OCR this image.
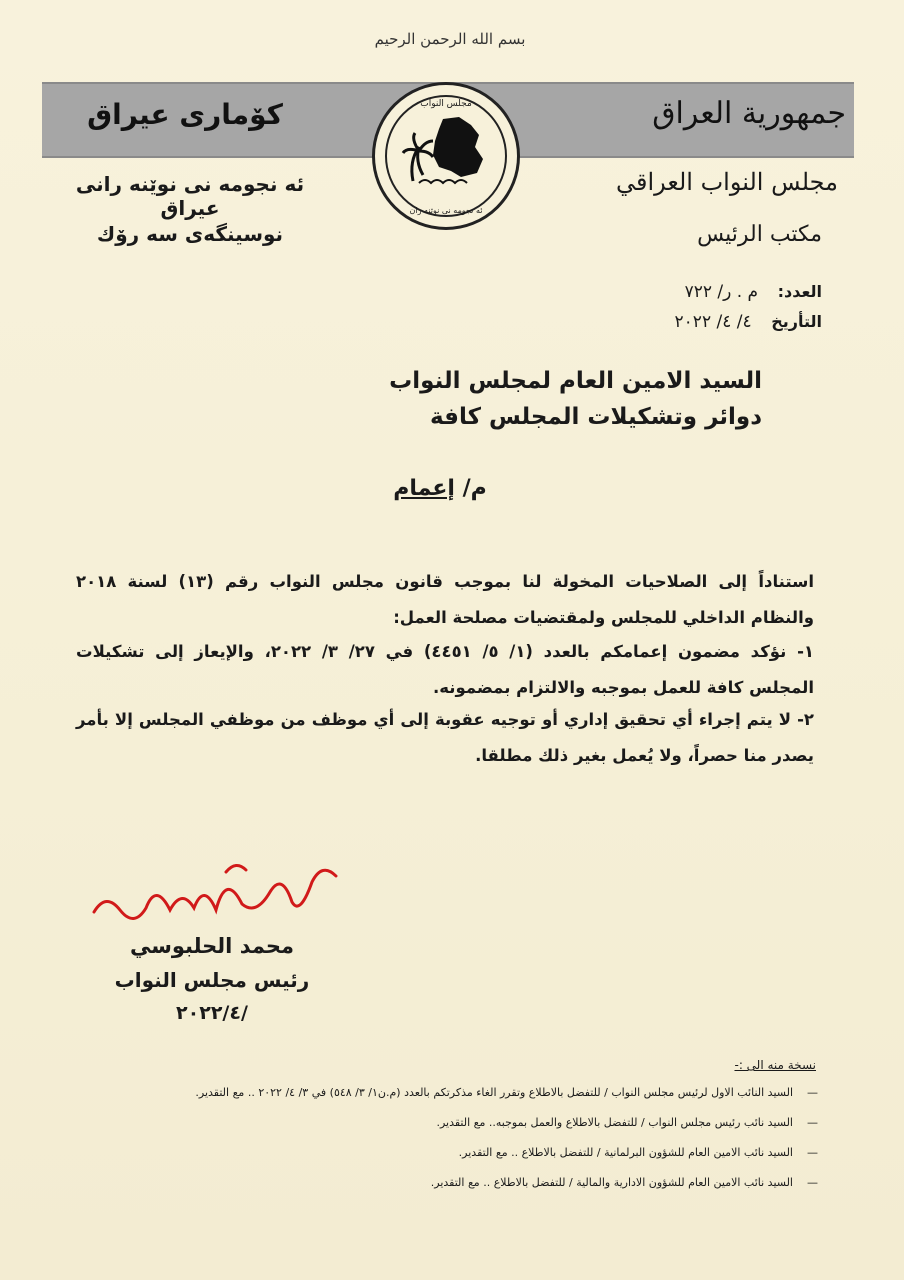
بسم الله الرحمن الرحيم
كۆمارى عيراق	جمهورية العراق
مجلس النواب
ئه نجومه نى نوێنه ران
ئه نجومه نى نوێنه رانى عيراق
نوسينگه‌ى سه رۆك
مجلس النواب العراقي
مكتب الرئيس
العدد: م . ر/ ٧٢٢
التأريخ ٤/ ٤/ ٢٠٢٢
السيد الامين العام لمجلس النواب
دوائر وتشكيلات المجلس كافة
م/ إعمام
استناداً إلى الصلاحيات المخولة لنا بموجب قانون مجلس النواب رقم (١٣) لسنة ٢٠١٨ والنظام الداخلي للمجلس ولمقتضيات مصلحة العمل:
١- نؤكد مضمون إعمامكم بالعدد (١/ ٥/ ٤٤٥١) في ٢٧/ ٣/ ٢٠٢٢، والإيعاز إلى تشكيلات المجلس كافة للعمل بموجبه والالتزام بمضمونه.
٢- لا يتم إجراء أي تحقيق إداري أو توجيه عقوبة إلى أي موظف من موظفي المجلس إلا بأمر يصدر منا حصراً، ولا يُعمل بغير ذلك مطلقا.
محمد الحلبوسي
رئيس مجلس النواب
٢٠٢٢/٤/
نسخة منه الى :-
—السيد النائب الاول لرئيس مجلس النواب / للتفضل بالاطلاع وتقرر الغاء مذكرتكم بالعدد (م.ن١/ ٣/ ٥٤٨) في ٣/ ٤/ ٢٠٢٢ .. مع التقدير.
—السيد نائب رئيس مجلس النواب / للتفضل بالاطلاع والعمل بموجبه.. مع التقدير.
—السيد نائب الامين العام للشؤون البرلمانية / للتفضل بالاطلاع .. مع التقدير.
—السيد نائب الامين العام للشؤون الادارية والمالية / للتفضل بالاطلاع .. مع التقدير.
